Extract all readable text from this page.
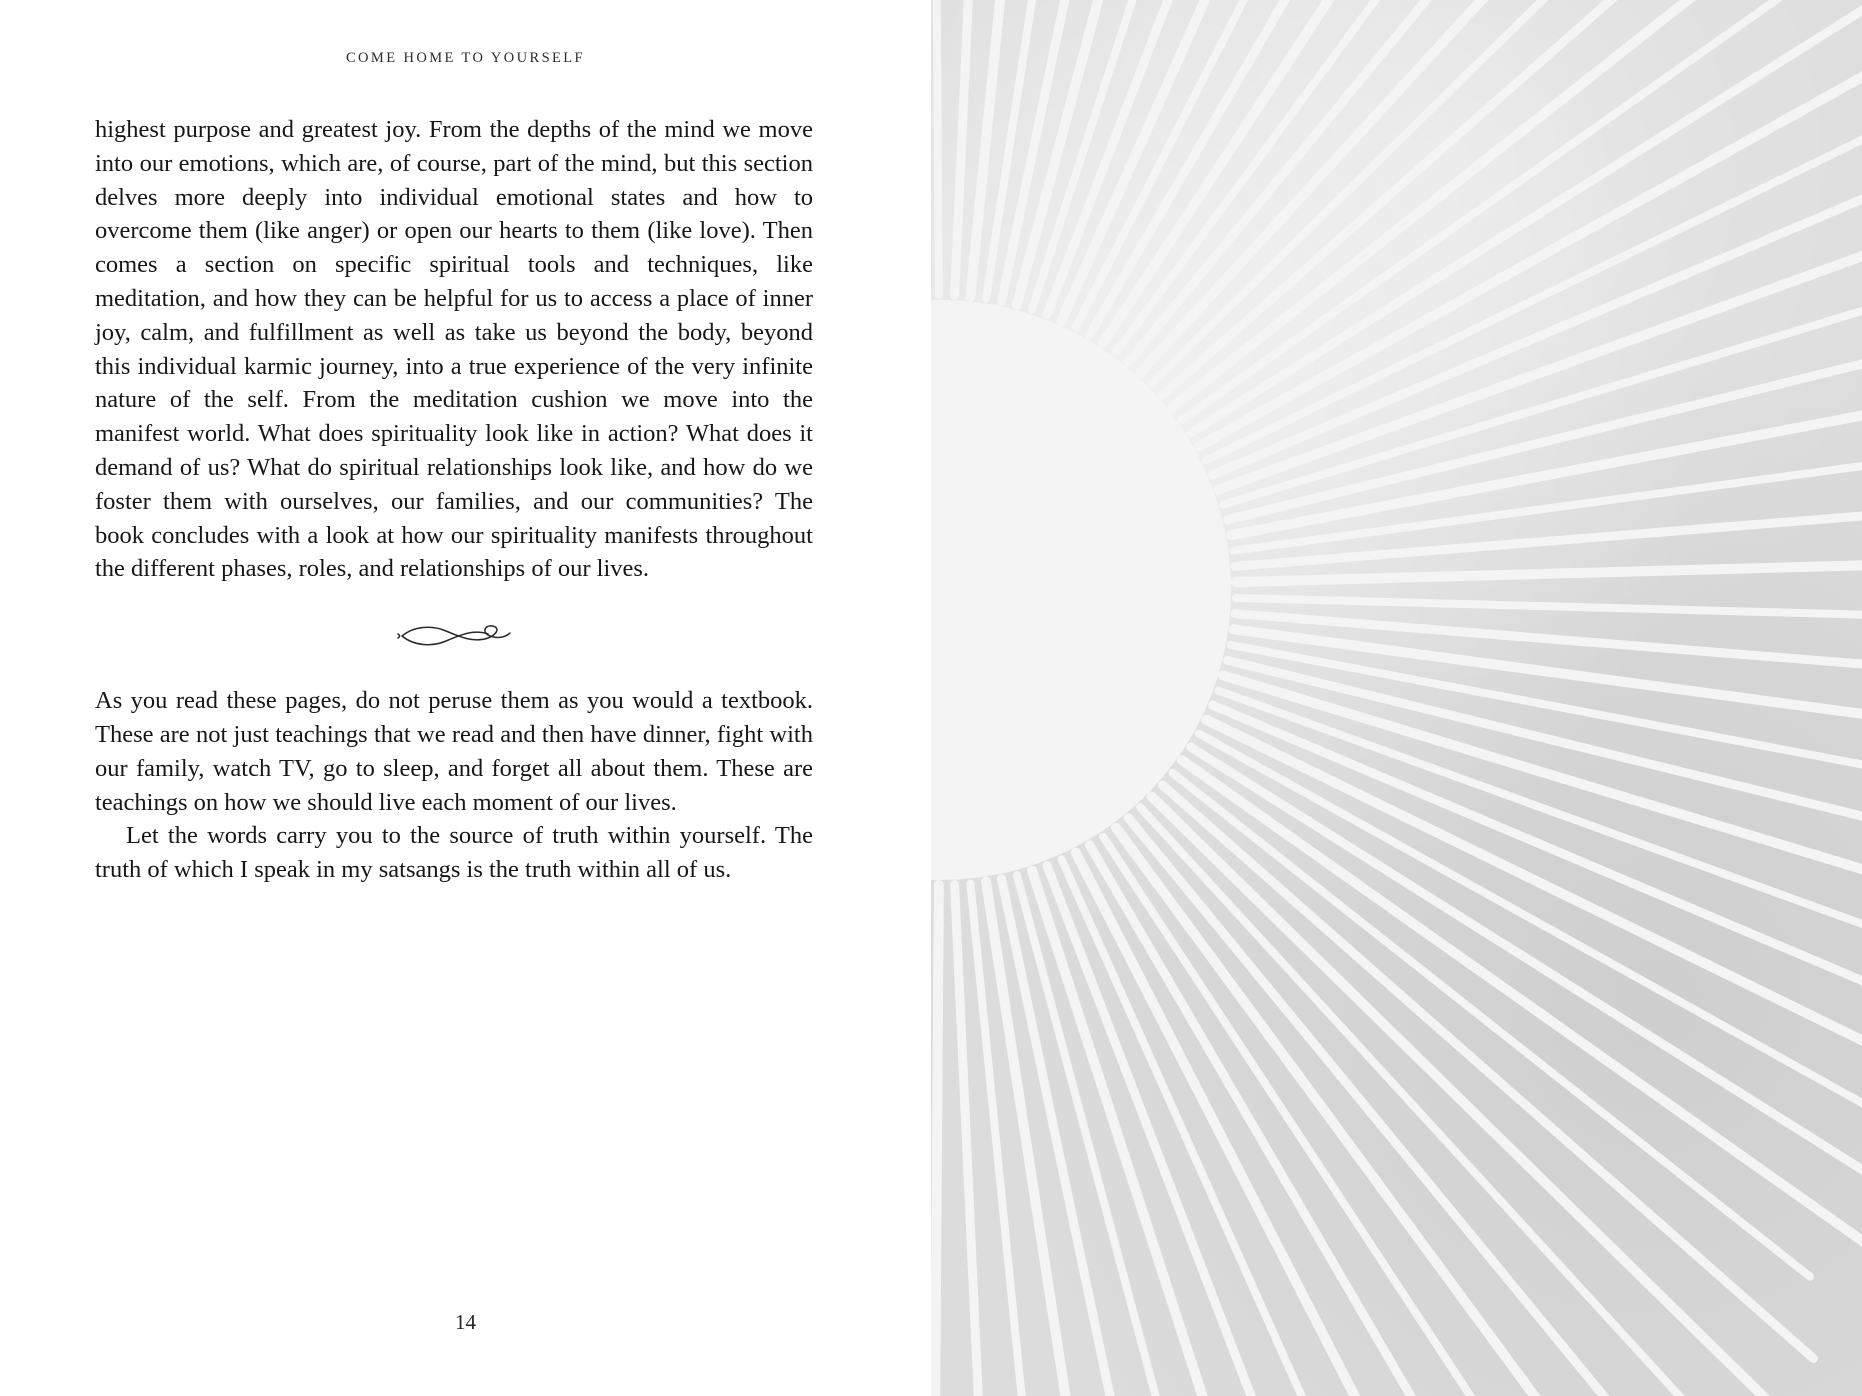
COME HOME TO YOURSELF

highest purpose and greatest joy. From the depths of the mind we move into our emotions, which are, of course, part of the mind, but this section delves more deeply into individual emotional states and how to overcome them (like anger) or open our hearts to them (like love). Then comes a section on specific spiritual tools and techniques, like meditation, and how they can be helpful for us to access a place of inner joy, calm, and fulfillment as well as take us beyond the body, beyond this individual karmic journey, into a true experience of the very infinite nature of the self. From the meditation cushion we move into the manifest world. What does spirituality look like in action? What does it demand of us? What do spiritual relationships look like, and how do we foster them with ourselves, our families, and our communities? The book concludes with a look at how our spirituality manifests throughout the different phases, roles, and relationships of our lives.

As you read these pages, do not peruse them as you would a textbook. These are not just teachings that we read and then have dinner, fight with our family, watch TV, go to sleep, and forget all about them. These are teachings on how we should live each moment of our lives.

Let the words carry you to the source of truth within yourself. The truth of which I speak in my satsangs is the truth within all of us.

14
